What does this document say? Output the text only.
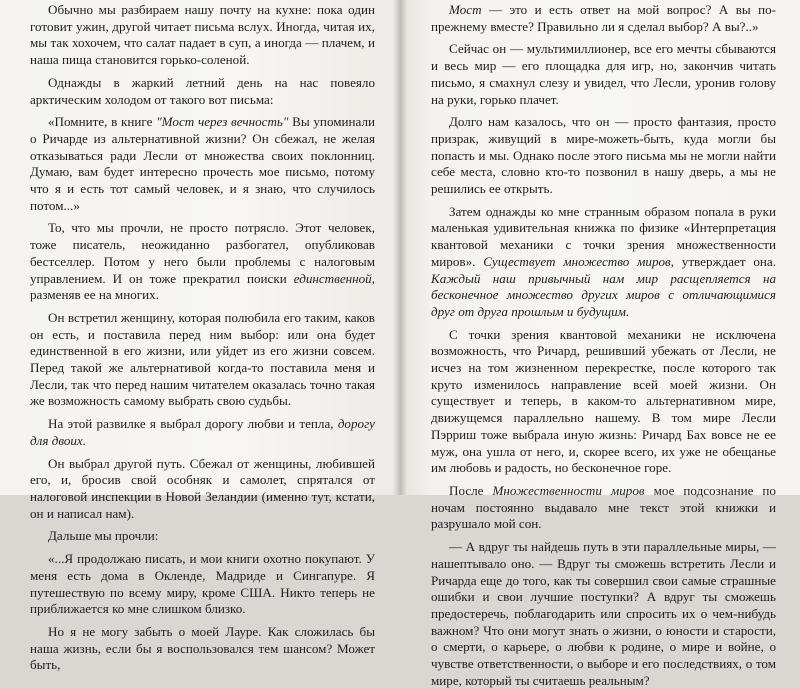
Обычно мы разбираем нашу почту на кухне: пока один готовит ужин, другой читает письма вслух. Иногда, читая их, мы так хохочем, что салат падает в суп, а иногда — плачем, и наша пища становится горько-соленой.

Однажды в жаркий летний день на нас повеяло арктическим холодом от такого вот письма:

«Помните, в книге "Мост через вечность" Вы упоминали о Ричарде из альтернативной жизни? Он сбежал, не желая отказываться ради Лесли от множества своих поклонниц. Думаю, вам будет интересно прочесть мое письмо, потому что я и есть тот самый человек, и я знаю, что случилось потом...»

То, что мы прочли, не просто потрясло. Этот человек, тоже писатель, неожиданно разбогател, опубликовав бестселлер. Потом у него были проблемы с налоговым управлением. И он тоже прекратил поиски единственной, разменяв ее на многих.

Он встретил женщину, которая полюбила его таким, каков он есть, и поставила перед ним выбор: или она будет единственной в его жизни, или уйдет из его жизни совсем. Перед такой же альтернативой когда-то поставила меня и Лесли, так что перед нашим читателем оказалась точно такая же возможность самому выбрать свою судьбы.

На этой развилке я выбрал дорогу любви и тепла, дорогу для двоих.

Он выбрал другой путь. Сбежал от женщины, любившей его, и, бросив свой особняк и самолет, спрятался от налоговой инспекции в Новой Зеландии (именно тут, кстати, он и написал нам).

Дальше мы прочли:

«...Я продолжаю писать, и мои книги охотно покупают. У меня есть дома в Окленде, Мадриде и Сингапуре. Я путешествую по всему миру, кроме США. Никто теперь не приближается ко мне слишком близко.

Но я не могу забыть о моей Лауре. Как сложилась бы наша жизнь, если бы я воспользовался тем шансом? Может быть,

Мост — это и есть ответ на мой вопрос? А вы по-прежнему вместе? Правильно ли я сделал выбор? А вы?..»

Сейчас он — мультимиллионер, все его мечты сбываются и весь мир — его площадка для игр, но, закончив читать письмо, я смахнул слезу и увидел, что Лесли, уронив голову на руки, горько плачет.

Долго нам казалось, что он — просто фантазия, просто призрак, живущий в мире-можеть-быть, куда могли бы попасть и мы. Однако после этого письма мы не могли найти себе места, словно кто-то позвонил в нашу дверь, а мы не решились ее открыть.

Затем однажды ко мне странным образом попала в руки маленькая удивительная книжка по физике «Интерпретация квантовой механики с точки зрения множественности миров». Существует множество миров, утверждает она. Каждый наш привычный нам мир расщепляется на бесконечное множество других миров с отличающимися друг от друга прошлым и будущим.

С точки зрения квантовой механики не исключена возможность, что Ричард, решивший убежать от Лесли, не исчез на том жизненном перекрестке, после которого так круто изменилось направление всей моей жизни. Он существует и теперь, в каком-то альтернативном мире, движущемся параллельно нашему. В том мире Лесли Пэрриш тоже выбрала иную жизнь: Ричард Бах вовсе не ее муж, она ушла от него, и, скорее всего, их уже не обещанье им любовь и радость, но бесконечное горе.

После Множественности миров мое подсознание по ночам постоянно выдавало мне текст этой книжки и разрушало мой сон.

— А вдруг ты найдешь путь в эти параллельные миры, — нашептывало оно. — Вдруг ты сможешь встретить Лесли и Ричарда еще до того, как ты совершил свои самые страшные ошибки и свои лучшие поступки? А вдруг ты сможешь предостеречь, поблагодарить или спросить их о чем-нибудь важном? Что они могут знать о жизни, о юности и старости, о смерти, о карьере, о любви к родине, о мире и войне, о чувстве ответственности, о выборе и его последствиях, о том мире, который ты считаешь реальным?
